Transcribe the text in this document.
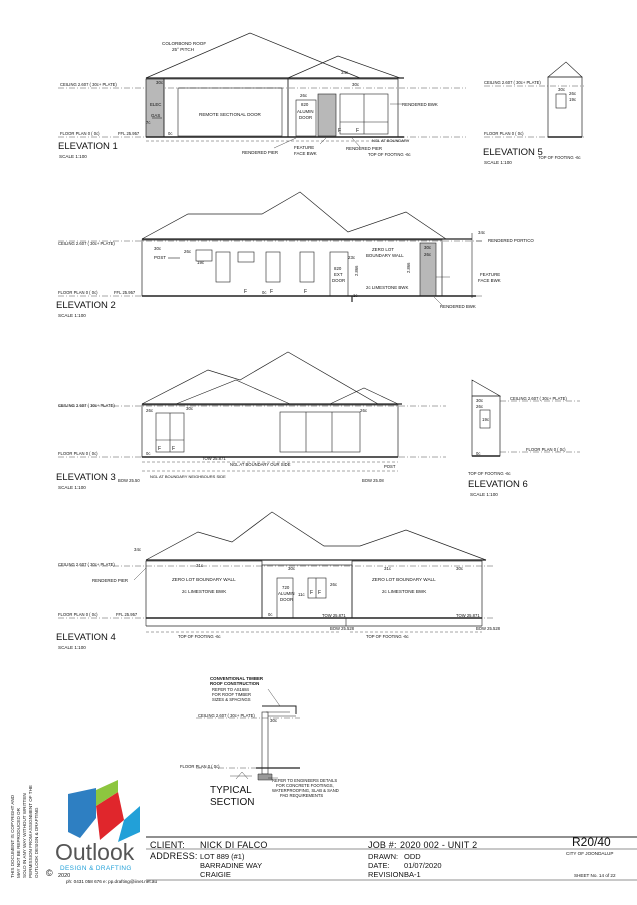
COLORBOND ROOF
25° PITCH
CEILING 2.607 ( 30c+ PLATE)
FLOOR PLAN 0 ( 0c)	FFL 25.957
34c
30c	30c
26c
ELEC
GAS
7c
REMOTE SECTIONAL DOOR
820
ALUMIN
DOOR
RENDERED BWK
RENDERED PIER
FEATURE
FACE BWK
RENDERED PIER
NGL AT BOUNDARY
TOP OF FOOTING -6c
0c	F	F
ELEVATION 1
SCALE 1:100
CEILING 2.607 ( 30c+ PLATE)
FLOOR PLAN 0 ( 0c)
30c
26c
19c
TOP OF FOOTING -6c
ELEVATION 5
SCALE 1:100
CEILING 2.607 ( 30c+ PLATE)
FLOOR PLAN 0 ( 0c)	FFL 25.957
34c
30c	30c
26c
26c
19c
23c
POST
ZERO LOT
BOUNDARY WALL
2c LIMESTONE BWK
820
EXT
DOOR
RENDERED PORTICO
FEATURE
FACE BWK
RENDERED BWK
2.866	2.866
0c
1c
F	F	F
ELEVATION 2
SCALE 1:100
CEILING 2.607 ( 30c+ PLATE)
FLOOR PLAN 0 ( 0c)
26c	30c	26c
0c
TOW 25.871
NGL AT BOUNDARY OUR SIDE
NGL AT BOUNDARY NEIGHBOURS SIDE
BOW 25.50	BOW 25.08
POST
F F
ELEVATION 3
SCALE 1:100
CEILING 2.607 ( 30c+ PLATE)
FLOOR PLAN 0 ( 0c)
30c
26c
19c
0c
TOP OF FOOTING -6c
ELEVATION 6
SCALE 1:100
CEILING 2.607 ( 30c+ PLATE)
FLOOR PLAN 0 ( 0c)	FFL 25.957
34c
31c
30c	31c	30c
26c
11c
RENDERED PIER	ZERO LOT BOUNDARY WALL
2c LIMESTONE BWK
ZERO LOT BOUNDARY WALL
2c LIMESTONE BWK
720
ALUMIN
DOOR
TOW 25.871	TOW 25.871
BOW 25.528	BOW 25.528
TOP OF FOOTING -6c	TOP OF FOOTING -6c
0c
F F
ELEVATION 4
SCALE 1:100
CONVENTIONAL TIMBER
ROOF CONSTRUCTION
REFER TO AS1684
FOR ROOF TIMBER
SIZES & SPACINGS
CEILING 2.607 ( 30c+ PLATE)
FLOOR PLAN 0 ( 0c)
30c
REFER TO ENGINEERS DETAILS
FOR CONCRETE FOOTINGS,
WATERPROOFING, SLAB & SAND
PAD REQUIREMENTS
TYPICAL
SECTION
THIS DOCUMENT IS COPYRIGHT AND MAY NOT BE REPRODUCED OR SOLD IN ANY WAY WITHOUT WRITTEN PERMISSION FROM ASSIGNMENT OF THE OUTLOOK DESIGN & DRAFTING © 2020
Outlook
DESIGN & DRAFTING
ph: 0431 058 676 e: pp.drafting@iinet.net.au
CLIENT: NICK DI FALCO
ADDRESS: LOT 889 (#1)
BARRADINE WAY
CRAIGIE
JOB #: 2020 002 - UNIT 2
DRAWN: ODD
DATE: 01/07/2020
REVISION:
BA-1
R20/40
CITY OF JOONDALUP
SHEET No. 14 of 22
